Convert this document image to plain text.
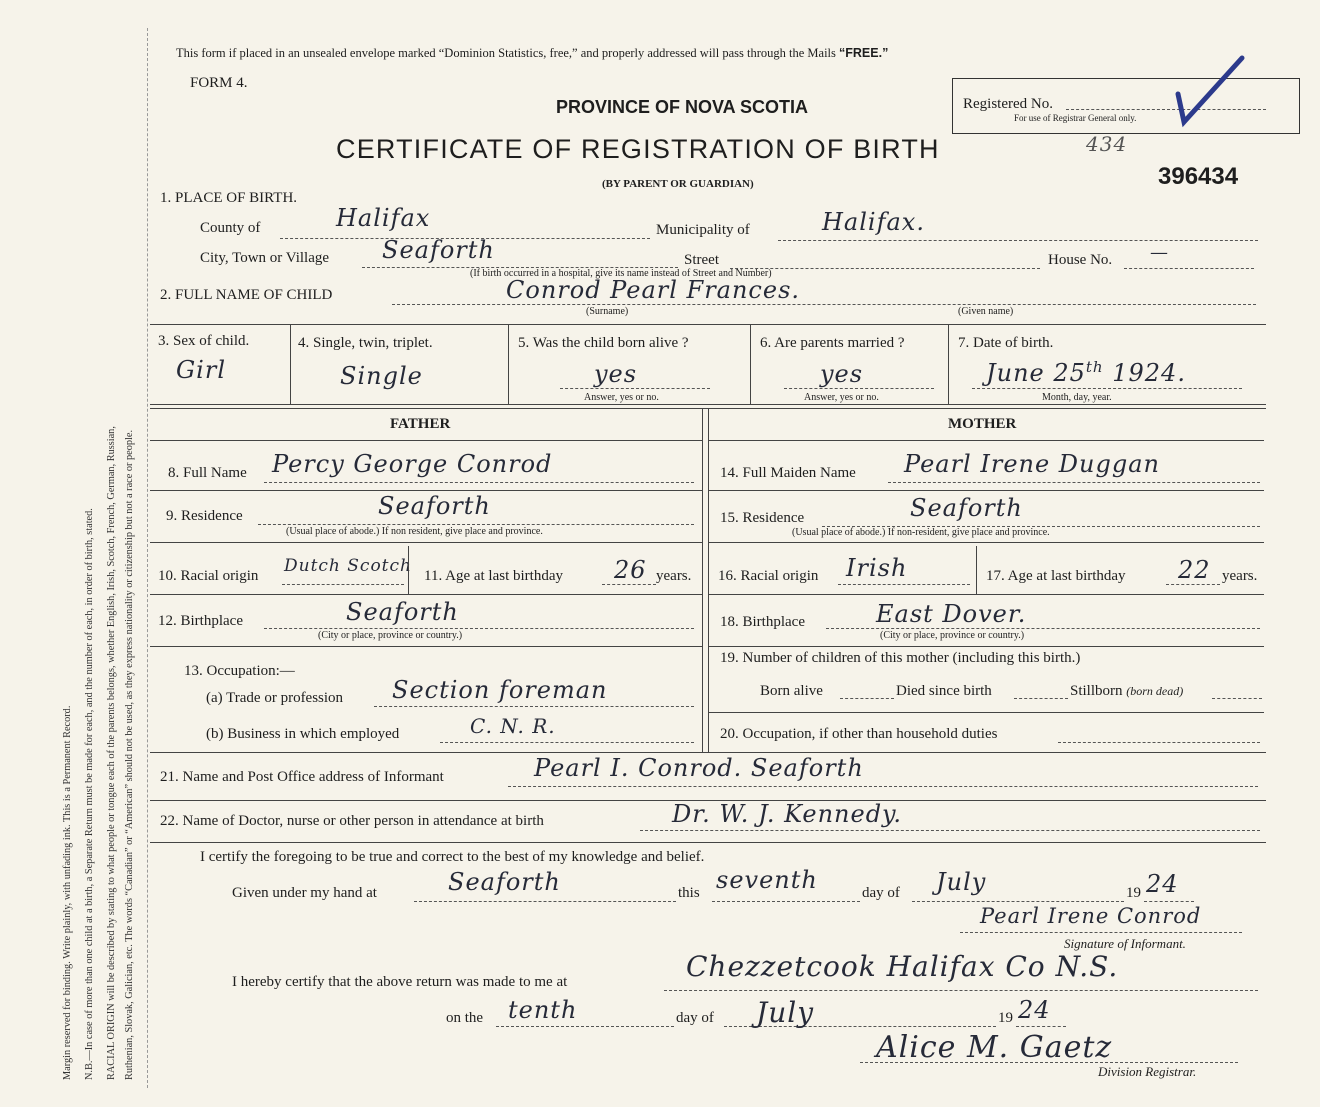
Margin reserved for binding. Write plainly, with unfading ink. This is a Permanent Record. N.B.—In case of more than one child at a birth, a Separate Return must be made for each, and the number of each, in order of birth, stated. RACIAL ORIGIN will be described by stating to what people or tongue each of the parents belongs, whether English, Irish, Scotch, French, German, Russian, Ruthenian, Slovak, Galician, etc. The words “Canadian” or “American” should not be used, as they express nationality or citizenship but not a race or people.
This form if placed in an unsealed envelope marked “Dominion Statistics, free,” and properly addressed will pass through the Mails “FREE.”
FORM 4.
PROVINCE OF NOVA SCOTIA
CERTIFICATE OF REGISTRATION OF BIRTH	434
(BY PARENT OR GUARDIAN)
Registered No.
For use of Registrar General only.
396434
1. PLACE OF BIRTH.
County of	Halifax	Municipality of	Halifax.
City, Town or Village Seaforth	Street	House No. —
(If birth occurred in a hospital, give its name instead of Street and Number)
2. FULL NAME OF CHILD	Conrod Pearl Frances.
(Surname)	(Given name)
3. Sex of child.
Girl
4. Single, twin, triplet.
Single
5. Was the child born alive ?
yes
Answer, yes or no.
6. Are parents married ?
yes
Answer, yes or no.
7. Date of birth.
June 25th 1924.
Month, day, year.
FATHER	MOTHER
8. Full Name Percy George Conrod	14. Full Maiden Name Pearl Irene Duggan
9. Residence	Seaforth
(Usual place of abode.) If non resident, give place and province.
15. Residence	Seaforth
(Usual place of abode.) If non-resident, give place and province.
10. Racial origin Dutch Scotch 11. Age at last birthday 26 years. 16. Racial origin Irish	17. Age at last birthday 22 years.
12. Birthplace	Seaforth
(City or place, province or country.)
18. Birthplace	East Dover.
(City or place, province or country.)
13. Occupation:—
(a) Trade or profession Section foreman
(b) Business in which employed	C. N. R.
19. Number of children of this mother (including this birth.)
Born alive	Died since birth	Stillborn (born dead)
20. Occupation, if other than household duties
21. Name and Post Office address of Informant	Pearl I. Conrod. Seaforth
22. Name of Doctor, nurse or other person in attendance at birth	Dr. W. J. Kennedy.
I certify the foregoing to be true and correct to the best of my knowledge and belief.
Given under my hand at	Seaforth	this seventh	day of July	19 24
Pearl Irene Conrod
Signature of Informant.
I hereby certify that the above return was made to me at	Chezzetcook Halifax Co N.S.
on the tenth	day of July	19 24
Alice M. Gaetz
Division Registrar.
